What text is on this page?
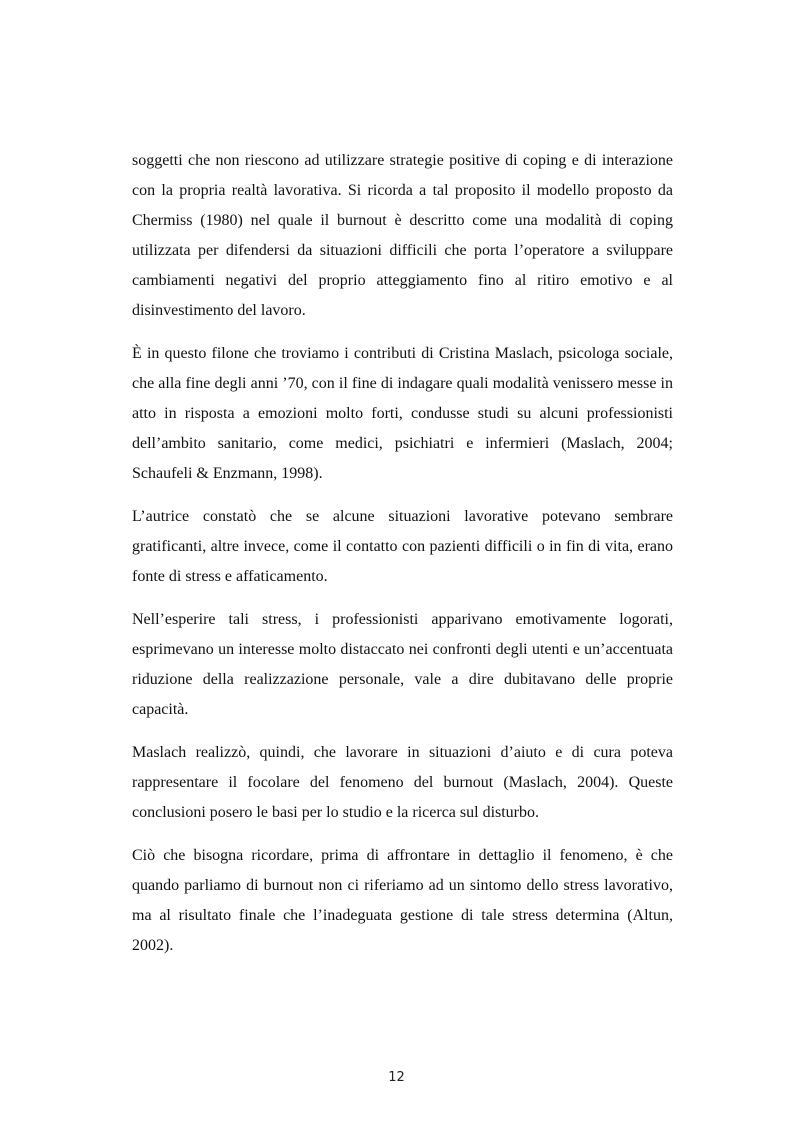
soggetti che non riescono ad utilizzare strategie positive di coping e di interazione con la propria realtà lavorativa. Si ricorda a tal proposito il modello proposto da Chermiss (1980) nel quale il burnout è descritto come una modalità di coping utilizzata per difendersi da situazioni difficili che porta l’operatore a sviluppare cambiamenti negativi del proprio atteggiamento fino al ritiro emotivo e al disinvestimento del lavoro.

È in questo filone che troviamo i contributi di Cristina Maslach, psicologa sociale, che alla fine degli anni ’70, con il fine di indagare quali modalità venissero messe in atto in risposta a emozioni molto forti, condusse studi su alcuni professionisti dell’ambito sanitario, come medici, psichiatri e infermieri (Maslach, 2004; Schaufeli & Enzmann, 1998).

L’autrice constatò che se alcune situazioni lavorative potevano sembrare gratificanti, altre invece, come il contatto con pazienti difficili o in fin di vita, erano fonte di stress e affaticamento.

Nell’esperire tali stress, i professionisti apparivano emotivamente logorati, esprimevano un interesse molto distaccato nei confronti degli utenti e un’accentuata riduzione della realizzazione personale, vale a dire dubitavano delle proprie capacità.

Maslach realizzò, quindi, che lavorare in situazioni d’aiuto e di cura poteva rappresentare il focolare del fenomeno del burnout (Maslach, 2004). Queste conclusioni posero le basi per lo studio e la ricerca sul disturbo.

Ciò che bisogna ricordare, prima di affrontare in dettaglio il fenomeno, è che quando parliamo di burnout non ci riferiamo ad un sintomo dello stress lavorativo, ma al risultato finale che l’inadeguata gestione di tale stress determina (Altun, 2002).

12
